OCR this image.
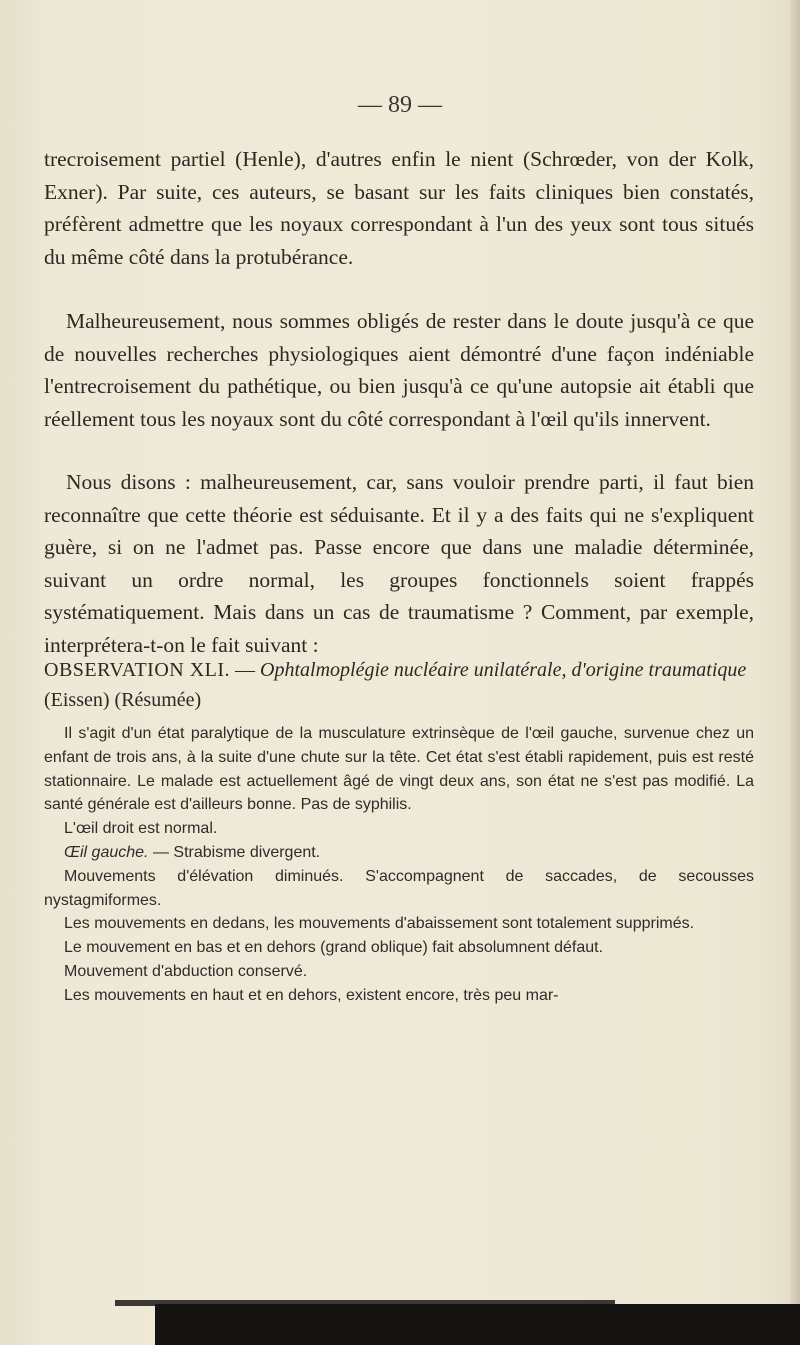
— 89 —

trecroisement partiel (Henle), d'autres enfin le nient (Schrœder, von der Kolk, Exner). Par suite, ces auteurs, se basant sur les faits cliniques bien constatés, préfèrent admettre que les noyaux correspondant à l'un des yeux sont tous situés du même côté dans la protubérance.

Malheureusement, nous sommes obligés de rester dans le doute jusqu'à ce que de nouvelles recherches physiologiques aient démontré d'une façon indéniable l'entrecroisement du pathétique, ou bien jusqu'à ce qu'une autopsie ait établi que réellement tous les noyaux sont du côté correspondant à l'œil qu'ils innervent.

Nous disons : malheureusement, car, sans vouloir prendre parti, il faut bien reconnaître que cette théorie est séduisante. Et il y a des faits qui ne s'expliquent guère, si on ne l'admet pas. Passe encore que dans une maladie déterminée, suivant un ordre normal, les groupes fonctionnels soient frappés systématiquement. Mais dans un cas de traumatisme ? Comment, par exemple, interprétera-t-on le fait suivant :

OBSERVATION XLI. — Ophtalmoplégie nucléaire unilatérale, d'origine traumatique (Eissen) (Résumée)

Il s'agit d'un état paralytique de la musculature extrinsèque de l'œil gauche, survenue chez un enfant de trois ans, à la suite d'une chute sur la tête. Cet état s'est établi rapidement, puis est resté stationnaire. Le malade est actuellement âgé de vingt deux ans, son état ne s'est pas modifié. La santé générale est d'ailleurs bonne. Pas de syphilis.

L'œil droit est normal.

Œil gauche. — Strabisme divergent.

Mouvements d'élévation diminués. S'accompagnent de saccades, de secousses nystagmiformes.

Les mouvements en dedans, les mouvements d'abaissement sont totalement supprimés.

Le mouvement en bas et en dehors (grand oblique) fait absolumnent défaut.

Mouvement d'abduction conservé.

Les mouvements en haut et en dehors, existent encore, très peu mar-
